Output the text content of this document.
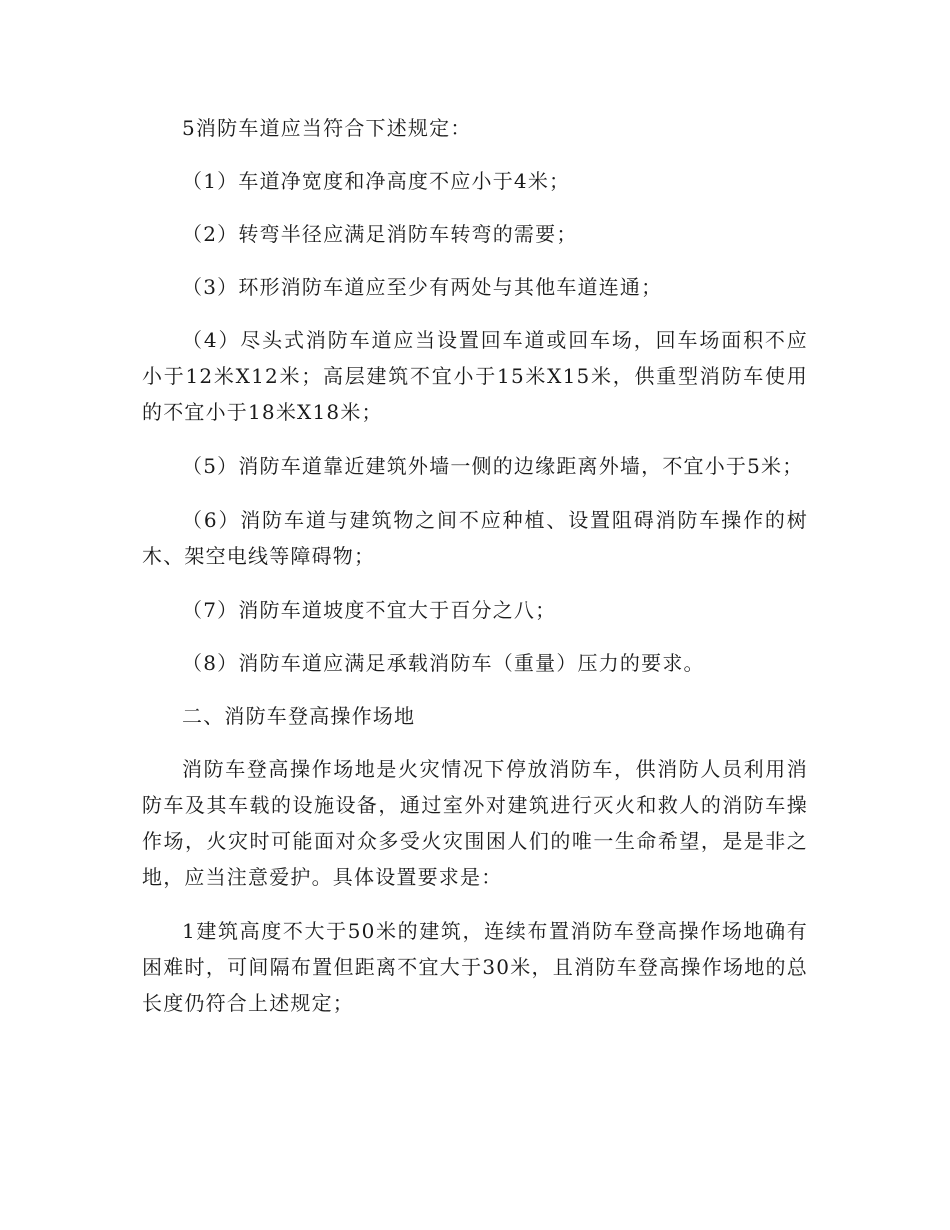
5消防车道应当符合下述规定：

（1）车道净宽度和净高度不应小于4米；

（2）转弯半径应满足消防车转弯的需要；

（3）环形消防车道应至少有两处与其他车道连通；

（4）尽头式消防车道应当设置回车道或回车场，回车场面积不应小于12米X12米；高层建筑不宜小于15米X15米，供重型消防车使用的不宜小于18米X18米；

（5）消防车道靠近建筑外墙一侧的边缘距离外墙，不宜小于5米；

（6）消防车道与建筑物之间不应种植、设置阻碍消防车操作的树木、架空电线等障碍物；

（7）消防车道坡度不宜大于百分之八；

（8）消防车道应满足承载消防车（重量）压力的要求。

二、消防车登高操作场地

消防车登高操作场地是火灾情况下停放消防车，供消防人员利用消防车及其车载的设施设备，通过室外对建筑进行灭火和救人的消防车操作场，火灾时可能面对众多受火灾围困人们的唯一生命希望，是是非之地，应当注意爱护。具体设置要求是：

1建筑高度不大于50米的建筑，连续布置消防车登高操作场地确有困难时，可间隔布置但距离不宜大于30米，且消防车登高操作场地的总长度仍符合上述规定；
